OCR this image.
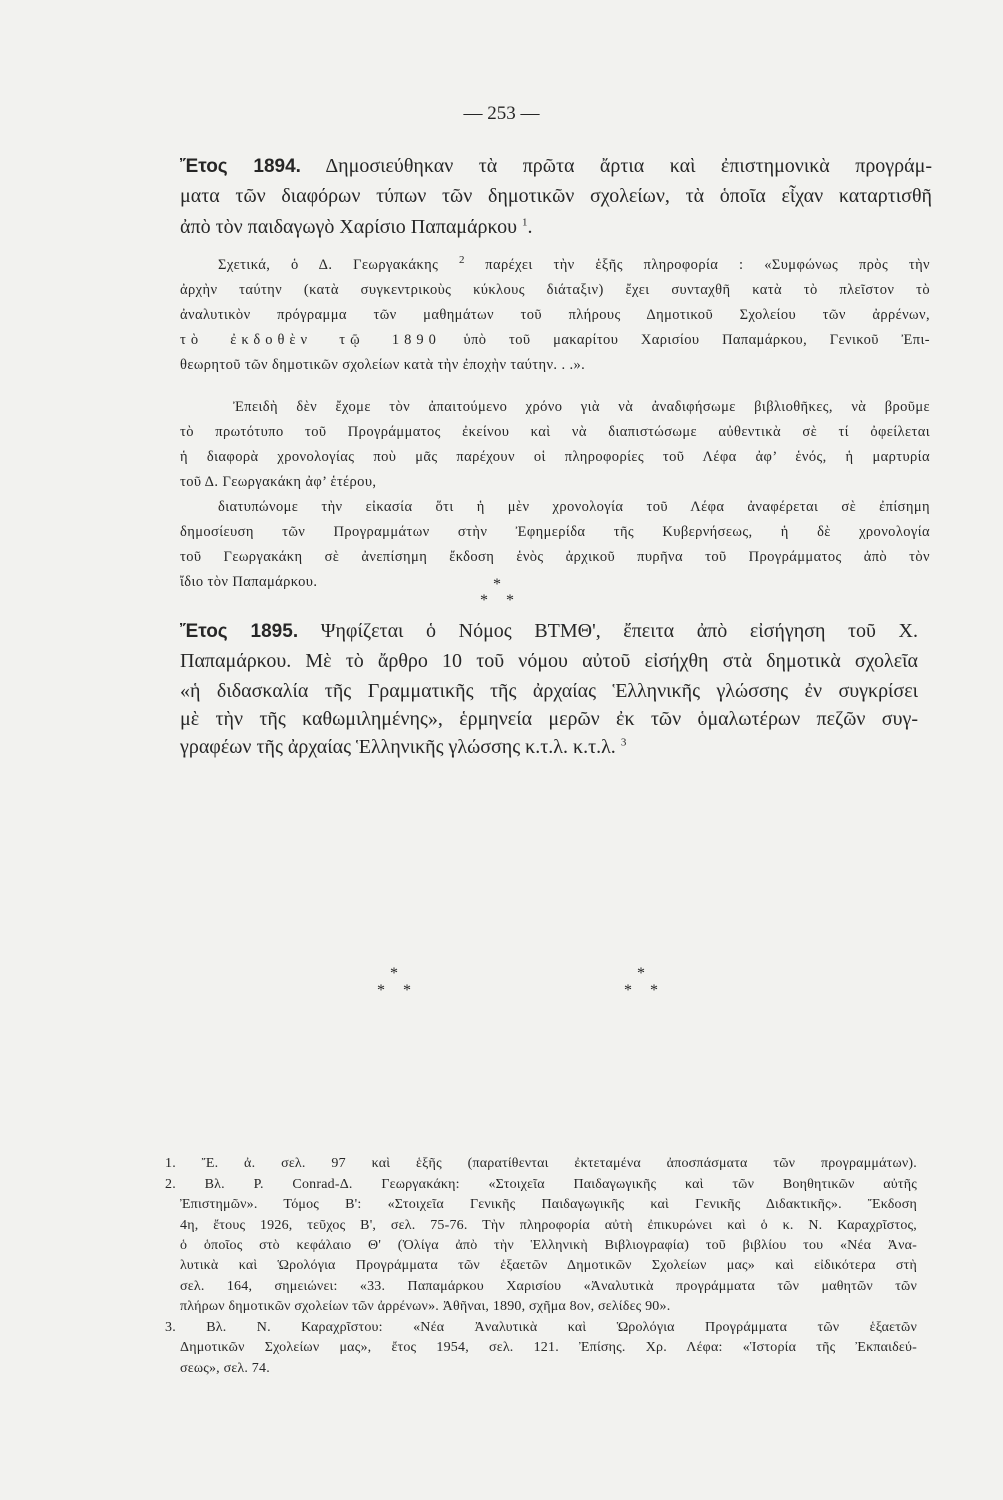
— 253 —
Ἔτος 1894. Δημοσιεύθηκαν τὰ πρῶτα ἄρτια καὶ ἐπιστημονικὰ προγράμ-
ματα τῶν διαφόρων τύπων τῶν δημοτικῶν σχολείων, τὰ ὁποῖα εἶχαν καταρτισθῆ
ἀπὸ τὸν παιδαγωγὸ Χαρίσιο Παπαμάρκου $^1$.
Σχετικά, ὁ Δ. Γεωργακάκης $^2$ παρέχει τὴν ἑξῆς πληροφορία : «Συμφώνως πρὸς τὴν
ἀρχὴν ταύτην (κατὰ συγκεντρικοὺς κύκλους διάταξιν) ἔχει συνταχθῆ κατὰ τὸ πλεῖστον τὸ
ἀναλυτικὸν πρόγραμμα τῶν μαθημάτων τοῦ πλήρους Δημοτικοῦ Σχολείου τῶν ἀρρένων,
τὸ ἐκδοθὲν τῷ 1890 ὑπὸ τοῦ μακαρίτου Χαρισίου Παπαμάρκου, Γενικοῦ Ἐπι-
θεωρητοῦ τῶν δημοτικῶν σχολείων κατὰ τὴν ἐποχὴν ταύτην. . .».
Ἐπειδὴ δὲν ἔχομε τὸν ἀπαιτούμενο χρόνο γιὰ νὰ ἀναδιφήσωμε βιβλιοθῆκες, νὰ βροῦμε
τὸ πρωτότυπο τοῦ Προγράμματος ἐκείνου καὶ νὰ διαπιστώσωμε αὐθεντικὰ σὲ τί ὀφείλεται
ἡ διαφορὰ χρονολογίας ποὺ μᾶς παρέχουν οἱ πληροφορίες τοῦ Λέφα ἀφ’ ἑνός, ἡ μαρτυρία
τοῦ Δ. Γεωργακάκη ἀφ’ ἑτέρου,
διατυπώνομε τὴν εἰκασία ὅτι ἡ μὲν χρονολογία τοῦ Λέφα ἀναφέρεται σὲ ἐπίσημη
δημοσίευση τῶν Προγραμμάτων στὴν Ἐφημερίδα τῆς Κυβερνήσεως, ἡ δὲ χρονολογία
τοῦ Γεωργακάκη σὲ ἀνεπίσημη ἔκδοση ἑνὸς ἀρχικοῦ πυρῆνα τοῦ Προγράμματος ἀπὸ τὸν
ἴδιο τὸν Παπαμάρκου.	*
* *
Ἔτος 1895. Ψηφίζεται ὁ Νόμος ΒΤΜΘ', ἔπειτα ἀπὸ εἰσήγηση τοῦ Χ.
Παπαμάρκου. Μὲ τὸ ἄρθρο 10 τοῦ νόμου αὐτοῦ εἰσήχθη στὰ δημοτικὰ σχολεῖα
«ἡ διδασκαλία τῆς Γραμματικῆς τῆς ἀρχαίας Ἑλληνικῆς γλώσσης ἐν συγκρίσει
μὲ τὴν τῆς καθωμιλημένης», ἑρμηνεία μερῶν ἐκ τῶν ὁμαλωτέρων πεζῶν συγ-
γραφέων τῆς ἀρχαίας Ἑλληνικῆς γλώσσης κ.τ.λ. κ.τ.λ. $^3$
*
* *
*
* *
1. Ἔ. ἀ. σελ. 97 καὶ ἑξῆς (παρατίθενται ἐκτεταμένα ἀποσπάσματα τῶν προγραμμάτων).
2. Βλ. P. Conrad-Δ. Γεωργακάκη: «Στοιχεῖα Παιδαγωγικῆς καὶ τῶν Βοηθητικῶν αὐτῆς
Ἐπιστημῶν». Τόμος Β': «Στοιχεῖα Γενικῆς Παιδαγωγικῆς καὶ Γενικῆς Διδακτικῆς». Ἔκδοση
4η, ἔτους 1926, τεῦχος Β', σελ. 75-76. Τὴν πληροφορία αὐτὴ ἐπικυρώνει καὶ ὁ κ. Ν. Καραχρῖστος,
ὁ ὁποῖος στὸ κεφάλαιο Θ' (Ὀλίγα ἀπὸ τὴν Ἑλληνικὴ Βιβλιογραφία) τοῦ βιβλίου του «Νέα Ἀνα-
λυτικὰ καὶ Ὡρολόγια Προγράμματα τῶν ἑξαετῶν Δημοτικῶν Σχολείων μας» καὶ εἰδικότερα στὴ
σελ. 164, σημειώνει: «33. Παπαμάρκου Χαρισίου «Ἀναλυτικὰ προγράμματα τῶν μαθητῶν τῶν
πλήρων δημοτικῶν σχολείων τῶν ἀρρένων». Ἀθῆναι, 1890, σχῆμα 8ον, σελίδες 90».
3. Βλ. Ν. Καραχρῖστου: «Νέα Ἀναλυτικὰ καὶ Ὡρολόγια Προγράμματα τῶν ἑξαετῶν
Δημοτικῶν Σχολείων μας», ἔτος 1954, σελ. 121. Ἐπίσης. Χρ. Λέφα: «Ἱστορία τῆς Ἐκπαιδεύ-
σεως», σελ. 74.
